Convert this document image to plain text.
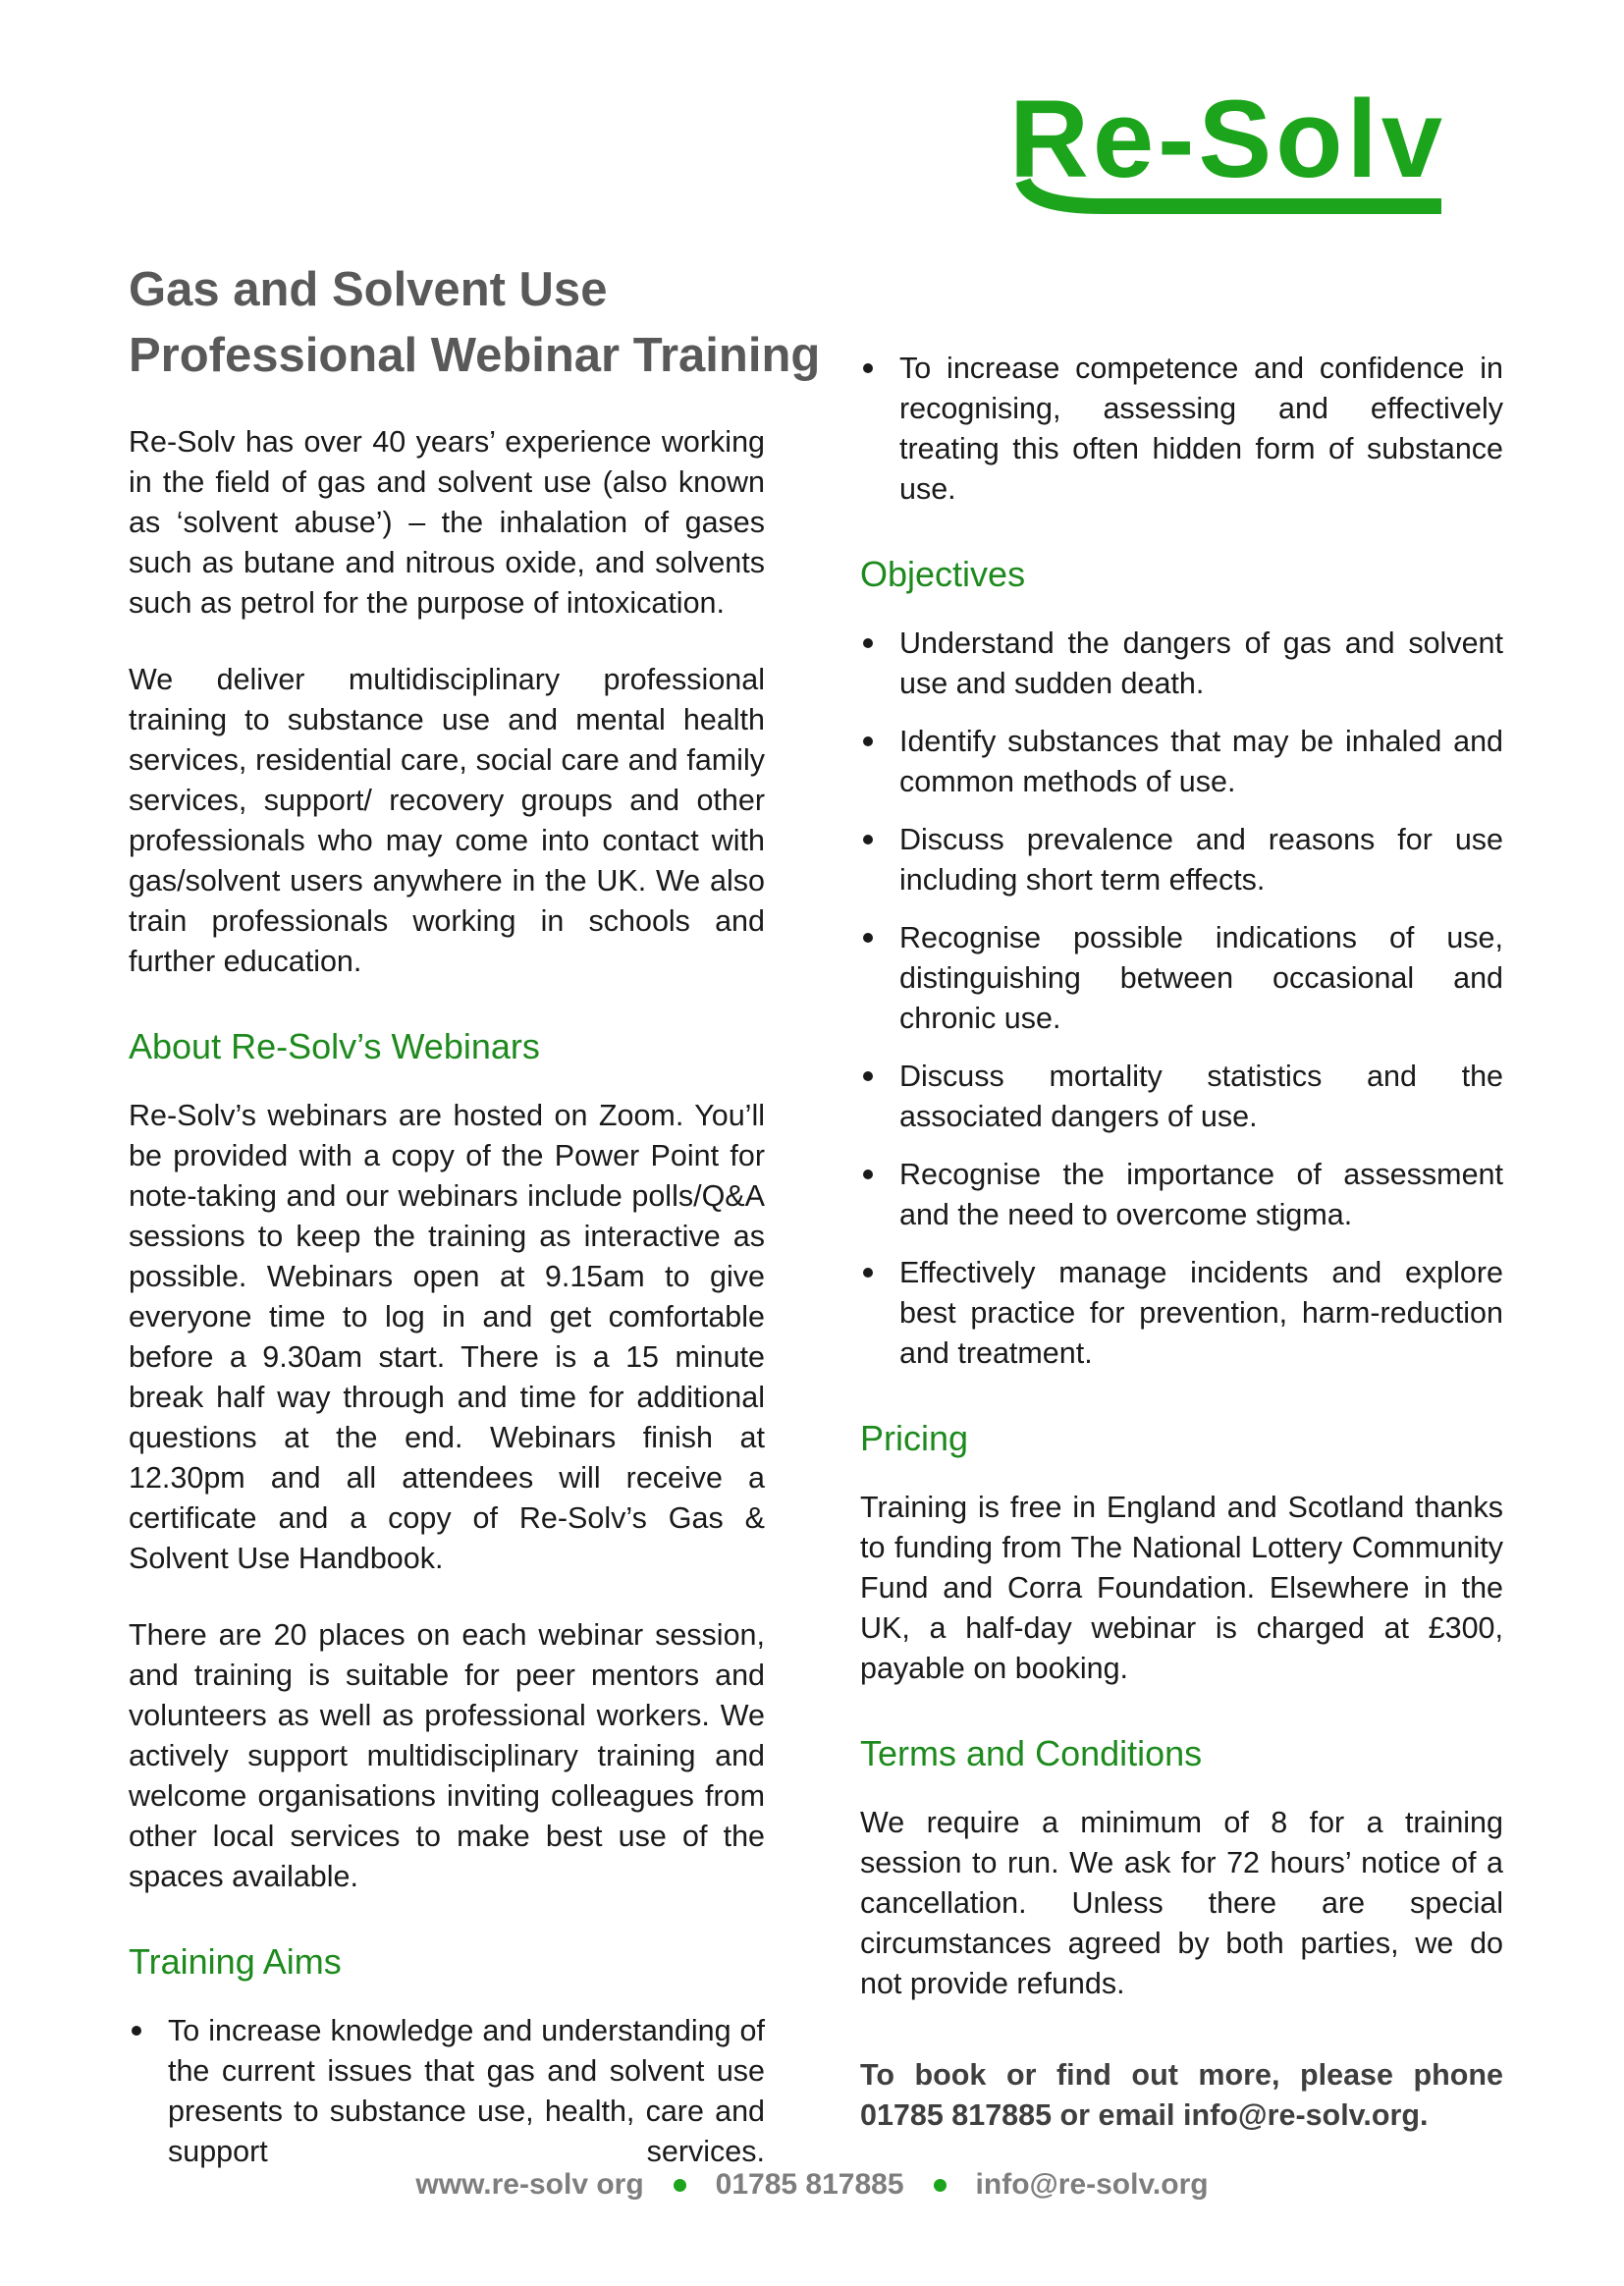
Re-Solv
Gas and Solvent Use
Professional Webinar Training

Re-Solv has over 40 years’ experience working in the field of gas and solvent use (also known as ‘solvent abuse’) – the inhalation of gases such as butane and nitrous oxide, and solvents such as petrol for the purpose of intoxication.

We deliver multidisciplinary professional training to substance use and mental health services, residential care, social care and family services, support/ recovery groups and other professionals who may come into contact with gas/solvent users anywhere in the UK. We also train professionals working in schools and further education.

About Re-Solv’s Webinars

Re-Solv’s webinars are hosted on Zoom. You’ll be provided with a copy of the Power Point for note-taking and our webinars include polls/Q&A sessions to keep the training as interactive as possible. Webinars open at 9.15am to give everyone time to log in and get comfortable before a 9.30am start. There is a 15 minute break half way through and time for additional questions at the end. Webinars finish at 12.30pm and all attendees will receive a certificate and a copy of Re-Solv’s Gas & Solvent Use Handbook.

There are 20 places on each webinar session, and training is suitable for peer mentors and volunteers as well as professional workers. We actively support multidisciplinary training and welcome organisations inviting colleagues from other local services to make best use of the spaces available.

Training Aims
To increase knowledge and understanding of the current issues that gas and solvent use presents to substance use, health, care and support services.
To increase competence and confidence in recognising, assessing and effectively treating this often hidden form of substance use.
Objectives
Understand the dangers of gas and solvent use and sudden death.
Identify substances that may be inhaled and common methods of use.
Discuss prevalence and reasons for use including short term effects.
Recognise possible indications of use, distinguishing between occasional and chronic use.
Discuss mortality statistics and the associated dangers of use.
Recognise the importance of assessment and the need to overcome stigma.
Effectively manage incidents and explore best practice for prevention, harm-reduction and treatment.
Pricing

Training is free in England and Scotland thanks to funding from The National Lottery Community Fund and Corra Foundation. Elsewhere in the UK, a half-day webinar is charged at £300, payable on booking.

Terms and Conditions

We require a minimum of 8 for a training session to run. We ask for 72 hours’ notice of a cancellation. Unless there are special circumstances agreed by both parties, we do not provide refunds.

To book or find out more, please phone 01785 817885 or email info@re-solv.org.

www.re-solv org 01785 817885 info@re-solv.org
